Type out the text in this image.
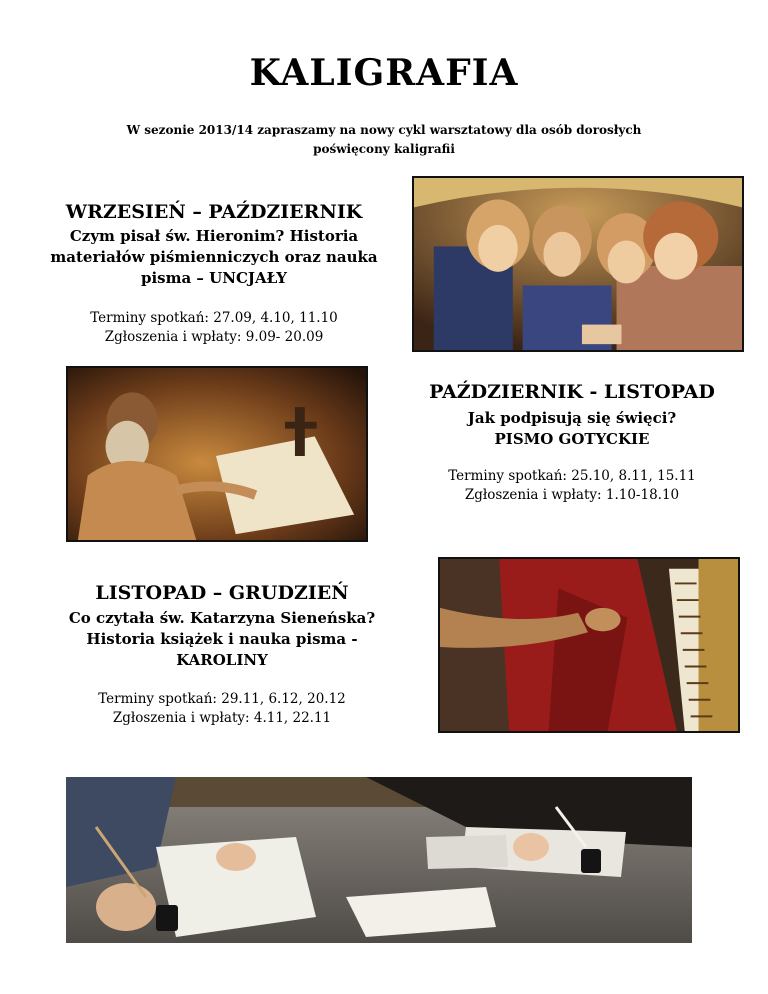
KALIGRAFIA
W sezonie 2013/14 zapraszamy na nowy cykl warsztatowy dla osób dorosłych
poświęcony kaligrafii
WRZESIEŃ – PAŹDZIERNIK
Czym pisał św. Hieronim? Historia
materiałów piśmienniczych oraz nauka
pisma – UNCJAŁY
Terminy spotkań: 27.09, 4.10, 11.10
Zgłoszenia i wpłaty: 9.09- 20.09
PAŹDZIERNIK - LISTOPAD
Jak podpisują się święci?
PISMO GOTYCKIE
Terminy spotkań: 25.10, 8.11, 15.11
Zgłoszenia i wpłaty: 1.10-18.10
LISTOPAD – GRUDZIEŃ
Co czytała św. Katarzyna Sieneńska?
Historia książek i nauka pisma -
KAROLINY
Terminy spotkań: 29.11, 6.12, 20.12
Zgłoszenia i wpłaty: 4.11, 22.11
